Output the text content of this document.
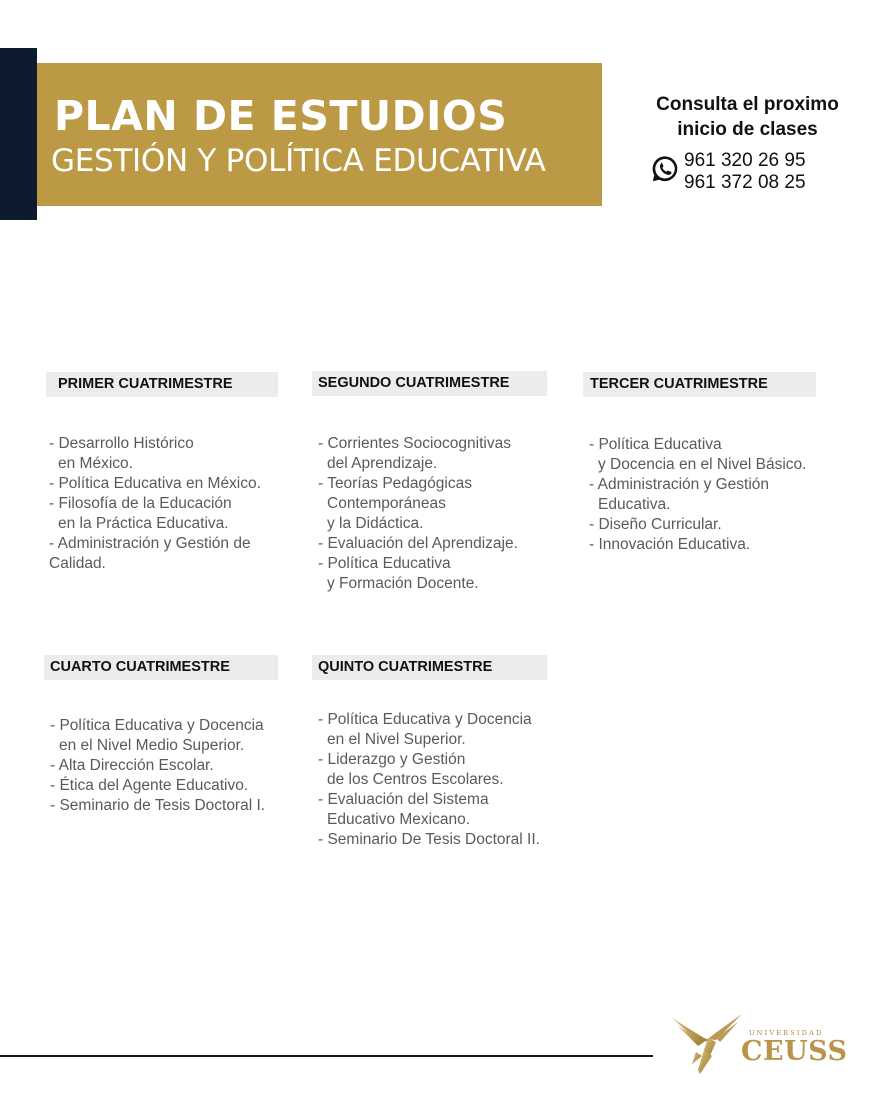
PLAN DE ESTUDIOS
GESTIÓN Y POLÍTICA EDUCATIVA
Consulta el proximo
inicio de clases
961 320 26 95
961 372 08 25
PRIMER CUATRIMESTRE
- Desarrollo Histórico
en México.
- Política Educativa en México.
- Filosofía de la Educación
en la Práctica Educativa.
- Administración y Gestión de
Calidad.
SEGUNDO CUATRIMESTRE
- Corrientes Sociocognitivas
del Aprendizaje.
- Teorías Pedagógicas
Contemporáneas
y la Didáctica.
- Evaluación del Aprendizaje.
- Política Educativa
y Formación Docente.
TERCER CUATRIMESTRE
- Política Educativa
y Docencia en el Nivel Básico.
- Administración y Gestión
Educativa.
- Diseño Curricular.
- Innovación Educativa.
CUARTO CUATRIMESTRE
- Política Educativa y Docencia
en el Nivel Medio Superior.
- Alta Dirección Escolar.
- Ética del Agente Educativo.
- Seminario de Tesis Doctoral I.
QUINTO CUATRIMESTRE
- Política Educativa y Docencia
en el Nivel Superior.
- Liderazgo y Gestión
de los Centros Escolares.
- Evaluación del Sistema
Educativo Mexicano.
- Seminario De Tesis Doctoral II.
UNIVERSIDAD
CEUSS
